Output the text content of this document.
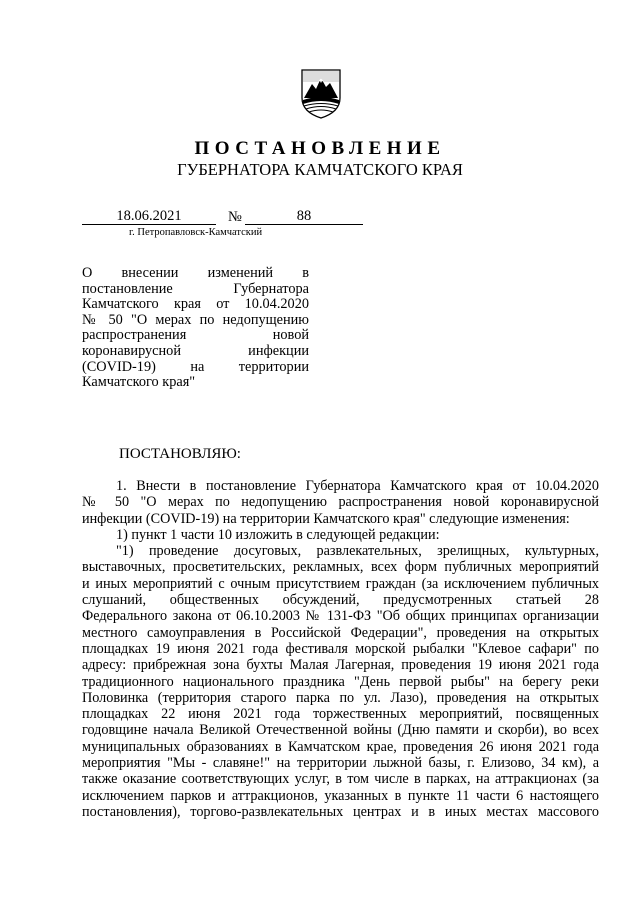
ПОСТАНОВЛЕНИЕ
ГУБЕРНАТОРА КАМЧАТСКОГО КРАЯ
18.06.2021	№	88
г. Петропавловск-Камчатский
О внесении изменений в
постановление Губернатора
Камчатского края от 10.04.2020
№ 50 "О мерах по недопущению
распространения новой
коронавирусной инфекции
(COVID-19) на территории
Камчатского края"
ПОСТАНОВЛЯЮ:
1. Внести в постановление Губернатора Камчатского края от 10.04.2020
№ 50 "О мерах по недопущению распространения новой коронавирусной
инфекции (COVID-19) на территории Камчатского края" следующие изменения:
1) пункт 1 части 10 изложить в следующей редакции:
"1) проведение досуговых, развлекательных, зрелищных, культурных,
выставочных, просветительских, рекламных, всех форм публичных мероприятий
и иных мероприятий с очным присутствием граждан (за исключением публичных
слушаний, общественных обсуждений, предусмотренных статьей 28
Федерального закона от 06.10.2003 № 131-ФЗ "Об общих принципах организации
местного самоуправления в Российской Федерации", проведения на открытых
площадках 19 июня 2021 года фестиваля морской рыбалки "Клевое сафари" по
адресу: прибрежная зона бухты Малая Лагерная, проведения 19 июня 2021 года
традиционного национального праздника "День первой рыбы" на берегу реки
Половинка (территория старого парка по ул. Лазо), проведения на открытых
площадках 22 июня 2021 года торжественных мероприятий, посвященных
годовщине начала Великой Отечественной войны (Дню памяти и скорби), во всех
муниципальных образованиях в Камчатском крае, проведения 26 июня 2021 года
мероприятия "Мы - славяне!" на территории лыжной базы, г. Елизово, 34 км), а
также оказание соответствующих услуг, в том числе в парках, на аттракционах (за
исключением парков и аттракционов, указанных в пункте 11 части 6 настоящего
постановления), торгово-развлекательных центрах и в иных местах массового
